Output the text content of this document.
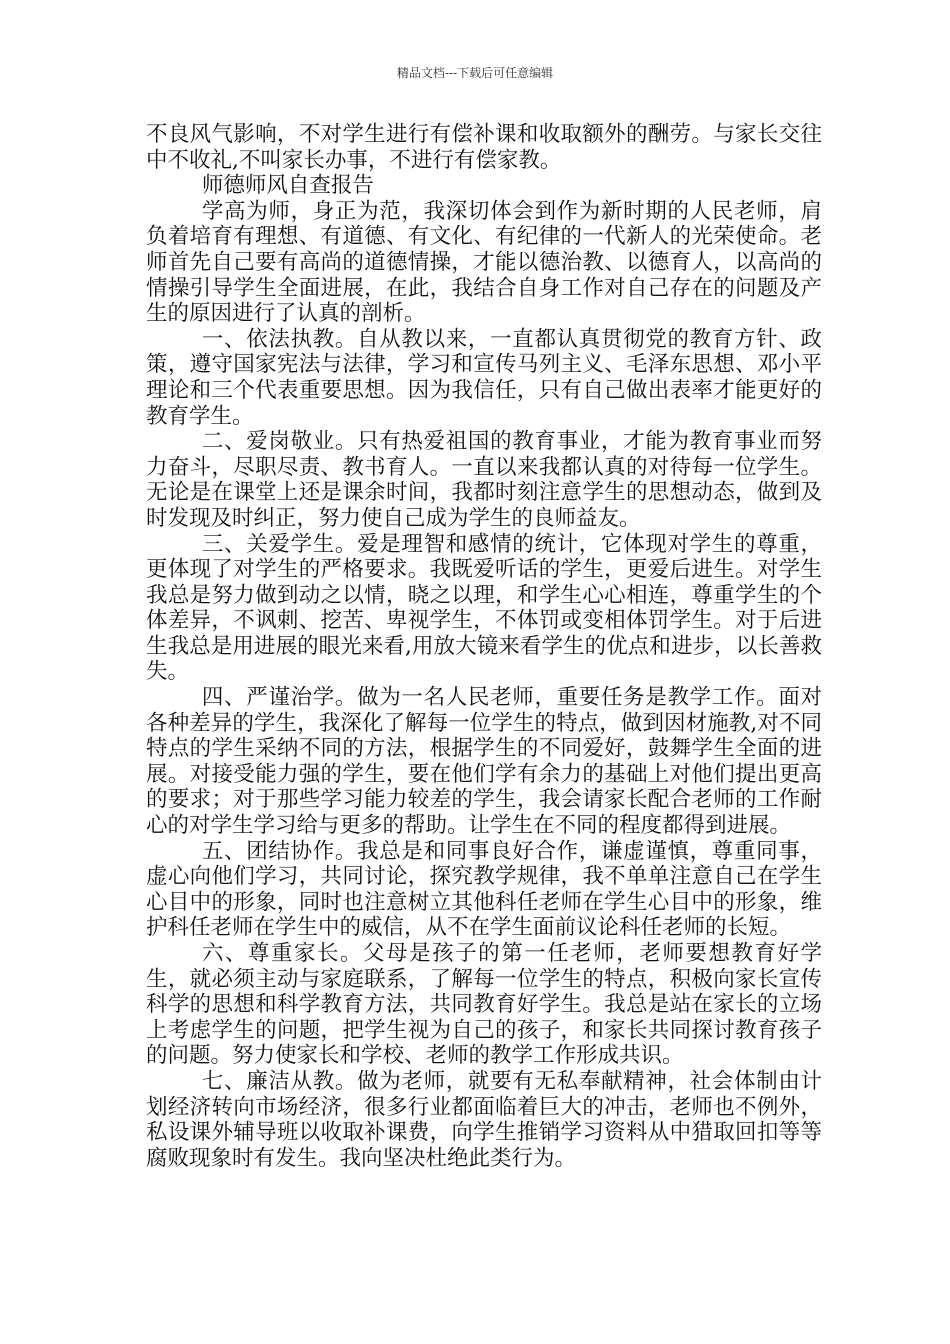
精品文档---下载后可任意编辑

不良风气影响，不对学生进行有偿补课和收取额外的酬劳。与家长交往中不收礼,不叫家长办事，不进行有偿家教。

师德师风自查报告

学高为师，身正为范，我深切体会到作为新时期的人民老师，肩负着培育有理想、有道德、有文化、有纪律的一代新人的光荣使命。老师首先自己要有高尚的道德情操，才能以德治教、以德育人，以高尚的情操引导学生全面进展，在此，我结合自身工作对自己存在的问题及产生的原因进行了认真的剖析。

一、依法执教。自从教以来，一直都认真贯彻党的教育方针、政策，遵守国家宪法与法律，学习和宣传马列主义、毛泽东思想、邓小平理论和三个代表重要思想。因为我信任，只有自己做出表率才能更好的教育学生。

二、爱岗敬业。只有热爱祖国的教育事业，才能为教育事业而努力奋斗，尽职尽责、教书育人。一直以来我都认真的对待每一位学生。无论是在课堂上还是课余时间，我都时刻注意学生的思想动态，做到及时发现及时纠正，努力使自己成为学生的良师益友。

三、关爱学生。爱是理智和感情的统计，它体现对学生的尊重，更体现了对学生的严格要求。我既爱听话的学生，更爱后进生。对学生我总是努力做到动之以情，晓之以理，和学生心心相连，尊重学生的个体差异，不讽刺、挖苦、卑视学生，不体罚或变相体罚学生。对于后进生我总是用进展的眼光来看,用放大镜来看学生的优点和进步，以长善救失。

四、严谨治学。做为一名人民老师，重要任务是教学工作。面对各种差异的学生，我深化了解每一位学生的特点，做到因材施教,对不同特点的学生采纳不同的方法，根据学生的不同爱好，鼓舞学生全面的进展。对接受能力强的学生，要在他们学有余力的基础上对他们提出更高的要求；对于那些学习能力较差的学生，我会请家长配合老师的工作耐心的对学生学习给与更多的帮助。让学生在不同的程度都得到进展。

五、团结协作。我总是和同事良好合作，谦虚谨慎，尊重同事，虚心向他们学习，共同讨论，探究教学规律，我不单单注意自己在学生心目中的形象，同时也注意树立其他科任老师在学生心目中的形象，维护科任老师在学生中的威信，从不在学生面前议论科任老师的长短。

六、尊重家长。父母是孩子的第一任老师，老师要想教育好学生，就必须主动与家庭联系，了解每一位学生的特点，积极向家长宣传科学的思想和科学教育方法，共同教育好学生。我总是站在家长的立场上考虑学生的问题，把学生视为自己的孩子，和家长共同探讨教育孩子的问题。努力使家长和学校、老师的教学工作形成共识。

七、廉洁从教。做为老师，就要有无私奉献精神，社会体制由计划经济转向市场经济，很多行业都面临着巨大的冲击，老师也不例外，私设课外辅导班以收取补课费，向学生推销学习资料从中猎取回扣等等腐败现象时有发生。我向坚决杜绝此类行为。
